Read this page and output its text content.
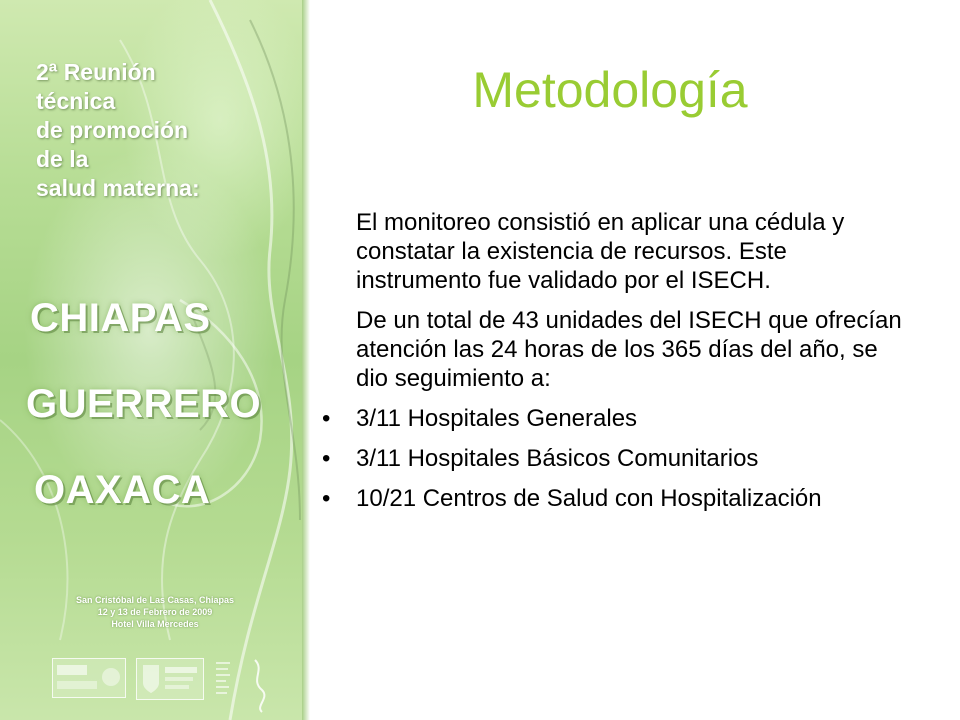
2ª Reunión
técnica
de promoción
de la
salud materna:
CHIAPAS
GUERRERO
OAXACA
San Cristóbal de Las Casas, Chiapas
12 y 13 de Febrero de 2009
Hotel Villa Mercedes
Metodología

El monitoreo consistió en aplicar una cédula y constatar la existencia de recursos. Este instrumento fue validado por el ISECH.

De un total de 43 unidades del ISECH que ofrecían atención las 24 horas de los 365 días del año, se dio seguimiento a:

• 3/11 Hospitales Generales
• 3/11 Hospitales Básicos Comunitarios
• 10/21 Centros de Salud con Hospitalización
